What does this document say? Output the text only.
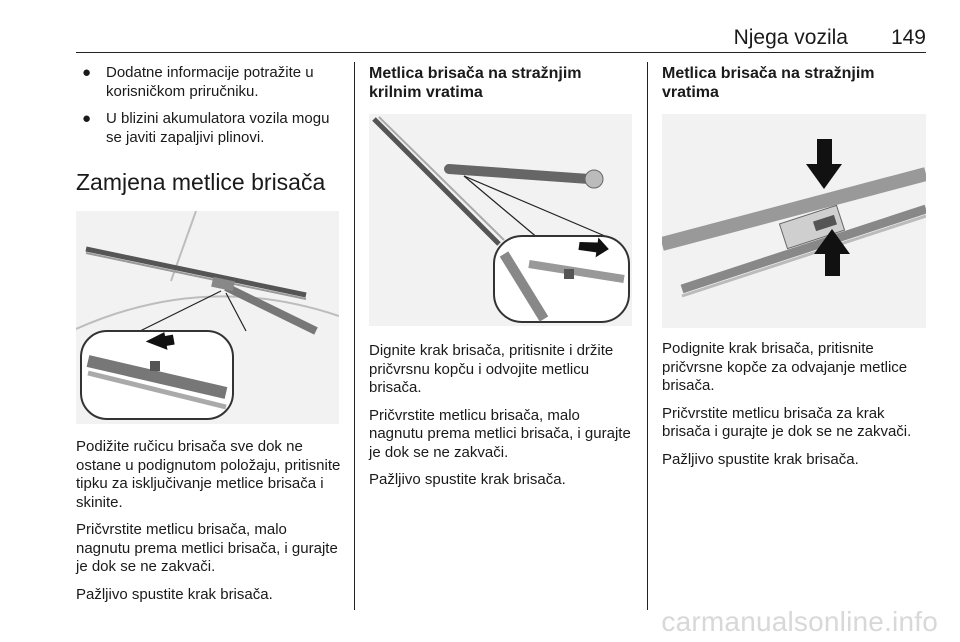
Njega vozila 149
● Dodatne informacije potražite u korisničkom priručniku.
● U blizini akumulatora vozila mogu se javiti zapaljivi plinovi.
Zamjena metlice brisača

Podižite ručicu brisača sve dok ne ostane u podignutom položaju, pritisnite tipku za isključivanje metlice brisača i skinite.

Pričvrstite metlicu brisača, malo nagnutu prema metlici brisača, i gurajte je dok se ne zakvači.

Pažljivo spustite krak brisača.

Metlica brisača na stražnjim krilnim vratima

Dignite krak brisača, pritisnite i držite pričvrsnu kopču i odvojite metlicu brisača.

Pričvrstite metlicu brisača, malo nagnutu prema metlici brisača, i gurajte je dok se ne zakvači.

Pažljivo spustite krak brisača.

Metlica brisača na stražnjim vratima

Podignite krak brisača, pritisnite pričvrsne kopče za odvajanje metlice brisača.

Pričvrstite metlicu brisača za krak brisača i gurajte je dok se ne zakvači.

Pažljivo spustite krak brisača.

carmanualsonline.info
